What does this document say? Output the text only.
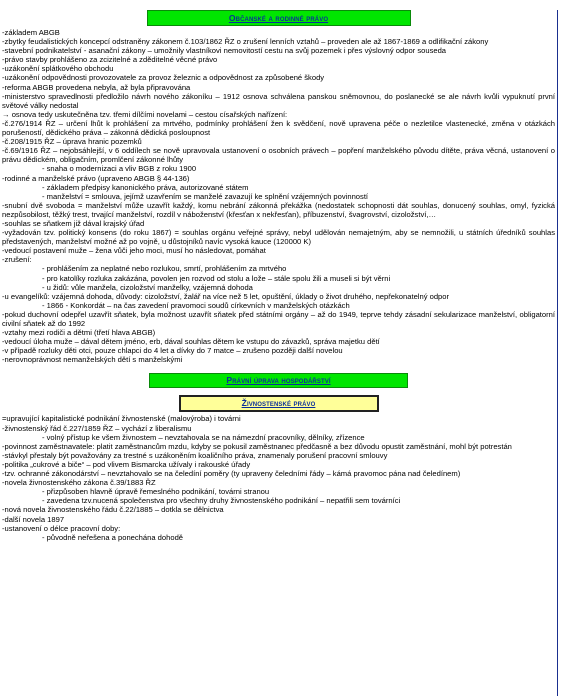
Občanské a rodinné právo
-základem ABGB
-zbytky feudalistických koncepcí odstraněny zákonem č.103/1862 ŘZ o zrušení lenních vztahů – proveden ale až 1867-1869 a odlifikační zákony
-stavební podnikatelství - asanační zákony – umožnily vlastníkovi nemovitostí cestu na svůj pozemek i přes výslovný odpor souseda
-právo stavby prohlášeno za zcizitelné a zděditelné věcné právo
-uzákonění splátkového obchodu
-uzákonění odpovědnosti provozovatele za provoz železnic a odpovědnost za způsobené škody
-reforma ABGB provedena nebyla, až byla připravována
-ministerstvo spravedlnosti předložilo návrh nového zákoníku – 1912 osnova schválena panskou sněmovnou, do poslanecké se ale návrh kvůli vypuknutí první světové války nedostal
→ osnova tedy uskutečněna tzv. třemi dílčími novelami – cestou císařských nařízení:
-č.276/1914 ŘZ – určení lhůt k prohlášení za mrtvého, podmínky prohlášení žen k svědčení, nově upravena péče o nezletilce vlastenecké, změna v otázkách porušeností, dědického práva – zákonná dědická posloupnost
-č.208/1915 ŘZ – úprava hranic pozemků
-č.69/1916 ŘZ – nejobsáhlejší, v 6 oddílech se nově upravovala ustanovení o osobních právech – popření manželského původu dítěte, práva věcná, ustanovení o právu dědickém, obligačním, promlčení zákonné lhůty
- snaha o modernizaci a vliv BGB z roku 1900
-rodinné a manželské právo (upraveno ABGB § 44-136)
- základem předpisy kanonického práva, autorizované státem
- manželství = smlouva, jejímž uzavřením se manželé zavazují ke splnění vzájemných povinností
-snubní dvě svoboda = manželství může uzavřít každý, komu nebrání zákonná překážka (nedostatek schopnosti dát souhlas, donucený souhlas, omyl, fyzická nezpůsobilost, těžký trest, trvající manželství, rozdíl v náboženství (křesťan x nekřesťan), příbuzenství, švagrovství, cizoložství,…
-souhlas se sňatkem již dával krajský úřad
-vyžadován tzv. politický konsens (do roku 1867) = souhlas orgánu veřejné správy, nebyl udělován nemajetným, aby se nemnožili, u státních úředníků souhlas představených, manželství možné až po vojně, u důstojníků navíc vysoká kauce (120000 K)
-vedoucí postavení muže – žena vůči jeho moci, musí ho následovat, pomáhat
-zrušení:
- prohlášením za neplatné nebo rozlukou, smrtí, prohlášením za mrtvého
- pro katolíky rozluka zakázána, povolen jen rozvod od stolu a lože – stále spolu žili a museli si být věrni
- u židů: vůle manžela, cizoložství manželky, vzájemná dohoda
-u evangelíků: vzájemná dohoda, důvody: cizoložství, žalář na více než 5 let, opuštění, úklady o život druhého, nepřekonatelný odpor
- 1866 - Konkordát – na čas zavedení pravomoci soudů církevních v manželských otázkách
-pokud duchovní odepřel uzavřít sňatek, byla možnost uzavřít sňatek před státními orgány – až do 1949, teprve tehdy zásadní sekularizace manželství, obligatorní civilní sňatek až do 1992
-vztahy mezi rodiči a dětmi (třetí hlava ABGB)
-vedoucí úloha muže – dával dětem jméno, erb, dával souhlas dětem ke vstupu do závazků, správa majetku dětí
-v případě rozluky děti otci, pouze chlapci do 4 let a dívky do 7 matce – zrušeno později další novelou
-nerovnoprávnost nemanželských dětí s manželskými
Právní úprava hospodářství
Živnostenské právo
=upravující kapitalistické podnikání živnostenské (malovýroba) i továrni
-živnostenský řád č.227/1859 ŘZ – vychází z liberalismu
- volný přístup ke všem živnostem – nevztahovala se na námezdní pracovníky, dělníky, zřízence
-povinnost zaměstnavatele: platit zaměstnancům mzdu, kdyby se pokusil zaměstnanec předčasně a bez důvodu opustit zaměstnání, mohl být potrestán
-stávkyl přestaly být považovány za trestné s uzákoněním koaličního práva, znamenaly porušení pracovní smlouvy
-politika „cukrové a biče“ – pod vlivem Bismarcka užívaly i rakouské úřady
-tzv. ochranné zákonodárství – nevztahovalo se na čeledíní poměry (ty upraveny čeledními řády – kámá pravomoc pána nad čeledínem)
-novela živnostenského zákona č.39/1883 ŘZ
- přizpůsoben hlavně úpravě řemeslného podnikání, továrni stranou
- zavedena tzv.nucená společenstva pro všechny druhy živnostenského podnikání – nepatřili sem továrníci
-nová novela živnostenského řádu č.22/1885 – dotkla se dělnictva
-další novela 1897
-ustanovení o délce pracovní doby:
- původně neřešena a ponechána dohodě
